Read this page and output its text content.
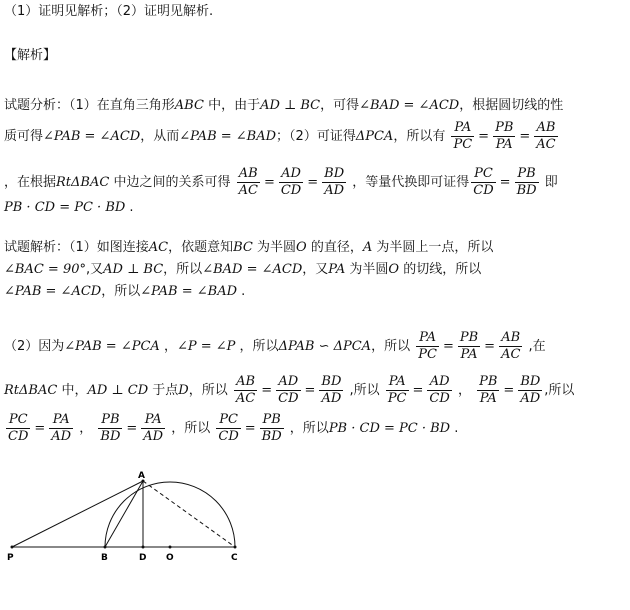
（1）证明见解析；（2）证明见解析.
【解析】
试题分析：（1）在直角三角形ABC 中，由于AD ⊥ BC，可得∠BAD = ∠ACD，根据圆切线的性
质可得∠PAB = ∠ACD，从而∠PAB = ∠BAD；（2）可证得ΔPCA，所以有 $\frac{PA}{PC} = \frac{PB}{PA} = \frac{AB}{AC}$
，在根据RtΔBAC 中边之间的关系可得 $\frac{AB}{AC} = \frac{AD}{CD} = \frac{BD}{AD}$ ，等量代换即可证得 $\frac{PC}{CD} = \frac{PB}{BD}$ 即
PB · CD = PC · BD .
试题解析：（1）如图连接AC，依题意知BC 为半圆O 的直径，A 为半圆上一点，所以
∠BAC = 90°,又AD ⊥ BC，所以∠BAD = ∠ACD，又PA 为半圆O 的切线，所以
∠PAB = ∠ACD，所以∠PAB = ∠BAD .
（2）因为∠PAB = ∠PCA ，∠P = ∠P ，所以ΔPAB ∽ ΔPCA，所以 $\frac{PA}{PC} = \frac{PB}{PA} = \frac{AB}{AC}$ ,在
RtΔBAC 中，AD ⊥ CD 于点D，所以 $\frac{AB}{AC} = \frac{AD}{CD} = \frac{BD}{AD}$ ,所以 $\frac{PA}{PC} = \frac{AD}{CD}$ ， $\frac{PB}{PA} = \frac{BD}{AD}$ ,所以
$\frac{PC}{CD} = \frac{PA}{AD}$ ， $\frac{PB}{BD} = \frac{PA}{AD}$ ，所以 $\frac{PC}{CD} = \frac{PB}{BD}$ ，所以PB · CD = PC · BD .
A
P	B	D O	C
